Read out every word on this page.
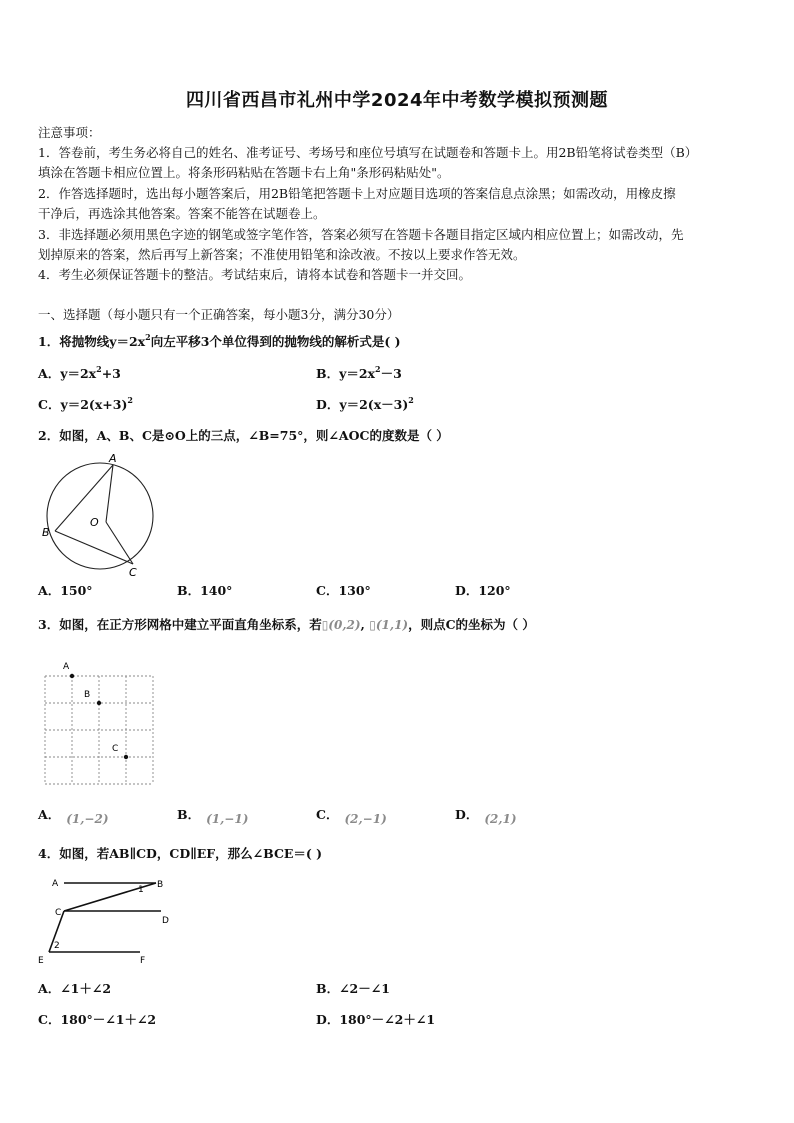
四川省西昌市礼州中学2024年中考数学模拟预测题
注意事项：
1．答卷前，考生务必将自己的姓名、准考证号、考场号和座位号填写在试题卷和答题卡上。用2B铅笔将试卷类型（B）
填涂在答题卡相应位置上。将条形码粘贴在答题卡右上角"条形码粘贴处"。
2．作答选择题时，选出每小题答案后，用2B铅笔把答题卡上对应题目选项的答案信息点涂黑；如需改动，用橡皮擦
干净后，再选涂其他答案。答案不能答在试题卷上。
3．非选择题必须用黑色字迹的钢笔或签字笔作答，答案必须写在答题卡各题目指定区域内相应位置上；如需改动，先
划掉原来的答案，然后再写上新答案；不准使用铅笔和涂改液。不按以上要求作答无效。
4．考生必须保证答题卡的整洁。考试结束后，请将本试卷和答题卡一并交回。
一、选择题（每小题只有一个正确答案，每小题3分，满分30分）
1．将抛物线$y=2x^2$向左平移3个单位得到的抛物线的解析式是( )
A．$y=2x^2+3$	B．$y=2x^2-3$
C．$y=2(x+3)^2$	D．$y=2(x-3)^2$
2．如图，A、B、C是⊙O上的三点，∠B=75°，则∠AOC的度数是（ ）
A
B
C
O
A．150°	B．140°	C．130°	D．120°
3．如图，在正方形网格中建立平面直角坐标系，若▯(0,2), ▯(1,1)，则点C的坐标为（ ）
A
B
C
A． (1,−2)	B． (1,−1)	C． (2,−1)	D． (2,1)
4．如图，若AB∥CD，CD∥EF，那么∠BCE＝( )
A	B
C
D
E	F
1
2
A．∠1＋∠2	B．∠2－∠1
C．180°－∠1＋∠2	D．180°－∠2＋∠1
